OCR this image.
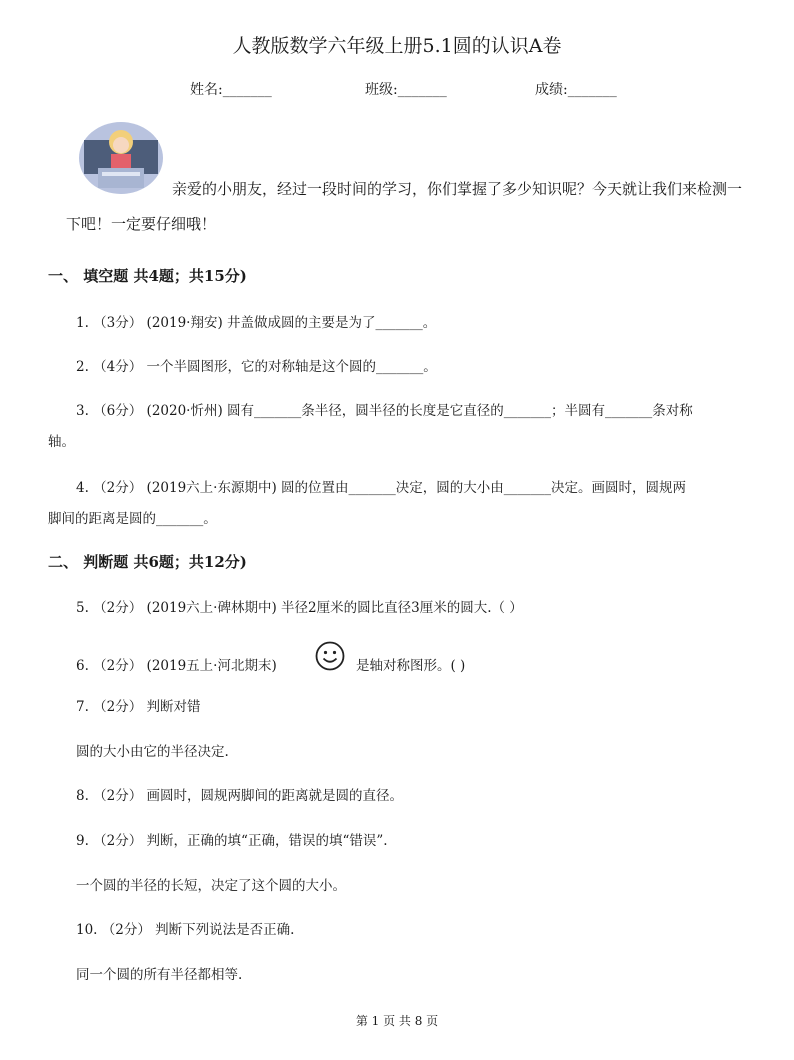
人教版数学六年级上册5.1圆的认识A卷
姓名:_______	班级:_______	成绩:_______
亲爱的小朋友，经过一段时间的学习，你们掌握了多少知识呢？今天就让我们来检测一
下吧！一定要仔细哦！
一、 填空题 共4题；共15分)
1. （3分） (2019·翔安) 井盖做成圆的主要是为了_______。
2. （4分） 一个半圆图形，它的对称轴是这个圆的_______。
3. （6分） (2020·忻州) 圆有_______条半径，圆半径的长度是它直径的_______；半圆有_______条对称
轴。
4. （2分） (2019六上·东源期中) 圆的位置由_______决定，圆的大小由_______决定。画圆时，圆规两
脚间的距离是圆的_______。
二、 判断题 共6题；共12分)
5. （2分） (2019六上·碑林期中) 半径2厘米的圆比直径3厘米的圆大.（ ）
6. （2分） (2019五上·河北期末)	是轴对称图形。( )
7. （2分） 判断对错
圆的大小由它的半径决定.
8. （2分） 画圆时，圆规两脚间的距离就是圆的直径。
9. （2分） 判断，正确的填“正确，错误的填“错误”.
一个圆的半径的长短，决定了这个圆的大小。
10. （2分） 判断下列说法是否正确.
同一个圆的所有半径都相等.
第 1 页 共 8 页
